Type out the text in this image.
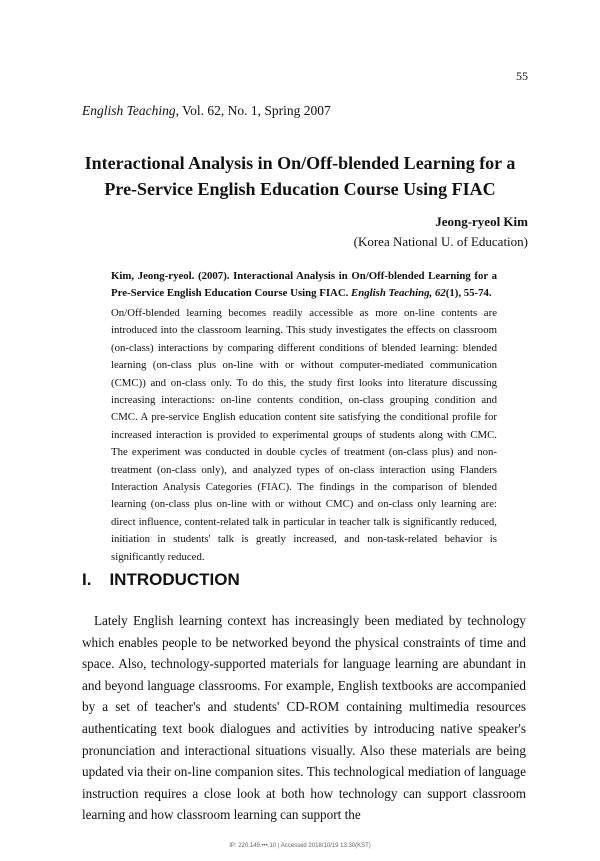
55
English Teaching, Vol. 62, No. 1, Spring 2007
Interactional Analysis in On/Off-blended Learning for a Pre-Service English Education Course Using FIAC
Jeong-ryeol Kim
(Korea National U. of Education)
Kim, Jeong-ryeol. (2007). Interactional Analysis in On/Off-blended Learning for a Pre-Service English Education Course Using FIAC. English Teaching, 62(1), 55-74.
On/Off-blended learning becomes readily accessible as more on-line contents are introduced into the classroom learning. This study investigates the effects on classroom (on-class) interactions by comparing different conditions of blended learning: blended learning (on-class plus on-line with or without computer-mediated communication (CMC)) and on-class only. To do this, the study first looks into literature discussing increasing interactions: on-line contents condition, on-class grouping condition and CMC. A pre-service English education content site satisfying the conditional profile for increased interaction is provided to experimental groups of students along with CMC. The experiment was conducted in double cycles of treatment (on-class plus) and non-treatment (on-class only), and analyzed types of on-class interaction using Flanders Interaction Analysis Categories (FIAC). The findings in the comparison of blended learning (on-class plus on-line with or without CMC) and on-class only learning are: direct influence, content-related talk in particular in teacher talk is significantly reduced, initiation in students' talk is greatly increased, and non-task-related behavior is significantly reduced.
I. INTRODUCTION
Lately English learning context has increasingly been mediated by technology which enables people to be networked beyond the physical constraints of time and space. Also, technology-supported materials for language learning are abundant in and beyond language classrooms. For example, English textbooks are accompanied by a set of teacher's and students' CD-ROM containing multimedia resources authenticating text book dialogues and activities by introducing native speaker's pronunciation and interactional situations visually. Also these materials are being updated via their on-line companion sites. This technological mediation of language instruction requires a close look at both how technology can support classroom learning and how classroom learning can support the
IP: 220.149.•••.10 | Accessed 2018/10/19 13:30(KST)
